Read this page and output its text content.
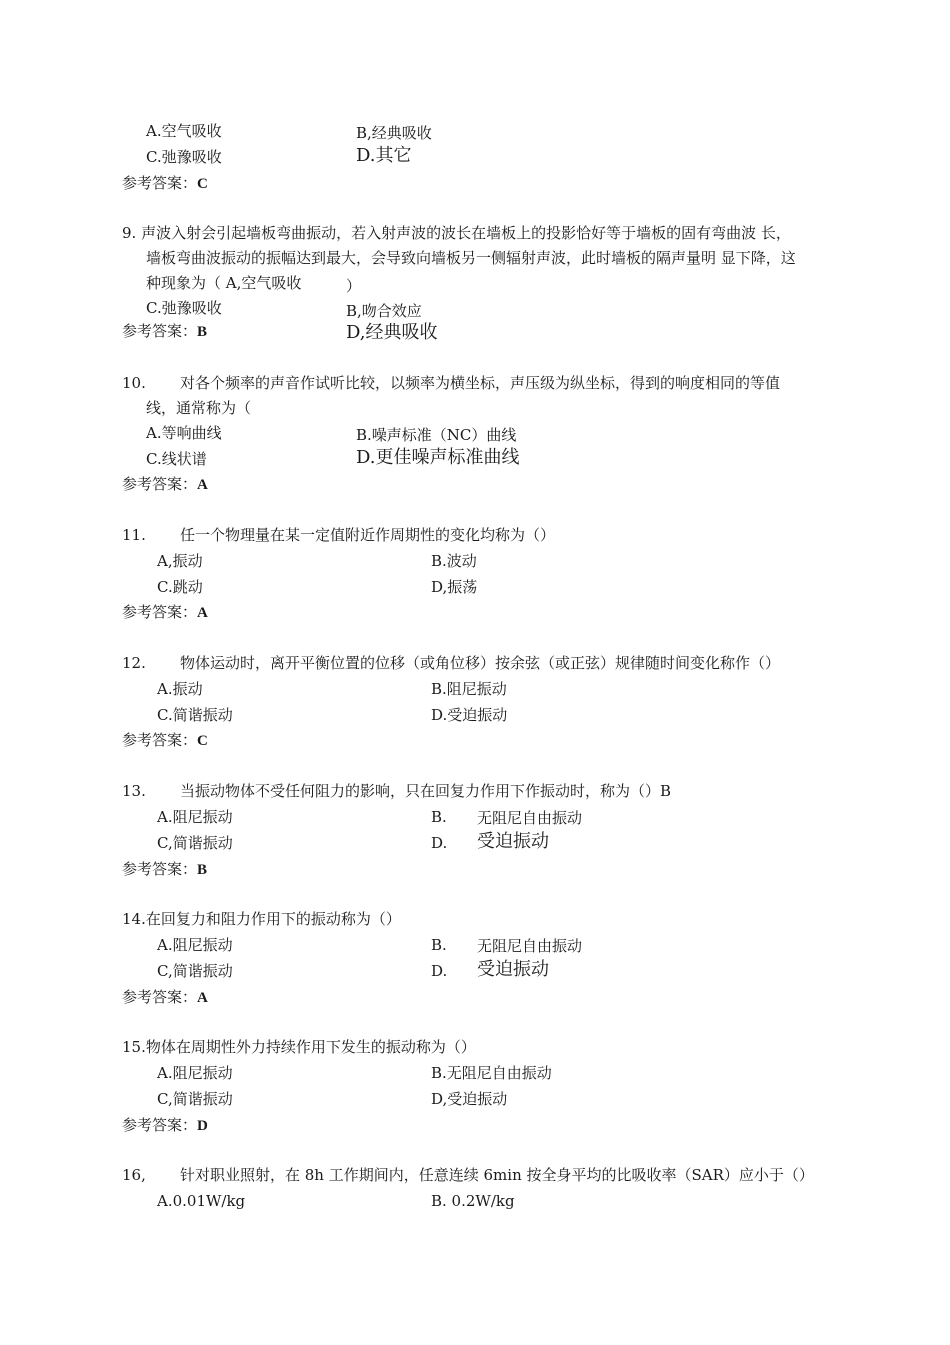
A.空气吸收	B,经典吸收
C.弛豫吸收	D.其它
参考答案：C
9. 声波入射会引起墙板弯曲振动，若入射声波的波长在墙板上的投影恰好等于墙板的固有弯曲波 长，
墙板弯曲波振动的振幅达到最大，会导致向墙板另一侧辐射声波，此时墙板的隔声量明 显下降，这
种现象为（ A,空气吸收	）
C.弛豫吸收	B,吻合效应
参考答案：B	D,经典吸收
10. 对各个频率的声音作试听比较，以频率为横坐标，声压级为纵坐标，得到的响度相同的等值
线，通常称为（
A.等响曲线	B.噪声标准（NC）曲线
C.线状谱	D.更佳噪声标准曲线
参考答案：A
11. 任一个物理量在某一定值附近作周期性的变化均称为（）
A,振动	B.波动
C.跳动	D,振荡
参考答案：A
12. 物体运动时，离开平衡位置的位移（或角位移）按余弦（或正弦）规律随时间变化称作（）
A.振动	B.阻尼振动
C.简谐振动	D.受迫振动
参考答案：C
13. 当振动物体不受任何阻力的影响，只在回复力作用下作振动时，称为（）B
A.阻尼振动	B. 无阻尼自由振动
C,简谐振动	D. 受迫振动
参考答案：B
14.在回复力和阻力作用下的振动称为（）
A.阻尼振动	B. 无阻尼自由振动
C,简谐振动	D. 受迫振动
参考答案：A
15.物体在周期性外力持续作用下发生的振动称为（）
A.阻尼振动	B.无阻尼自由振动
C,简谐振动	D,受迫振动
参考答案：D
16, 针对职业照射，在 8h 工作期间内，任意连续 6min 按全身平均的比吸收率（SAR）应小于（）
A.0.01W/kg	B. 0.2W/kg
